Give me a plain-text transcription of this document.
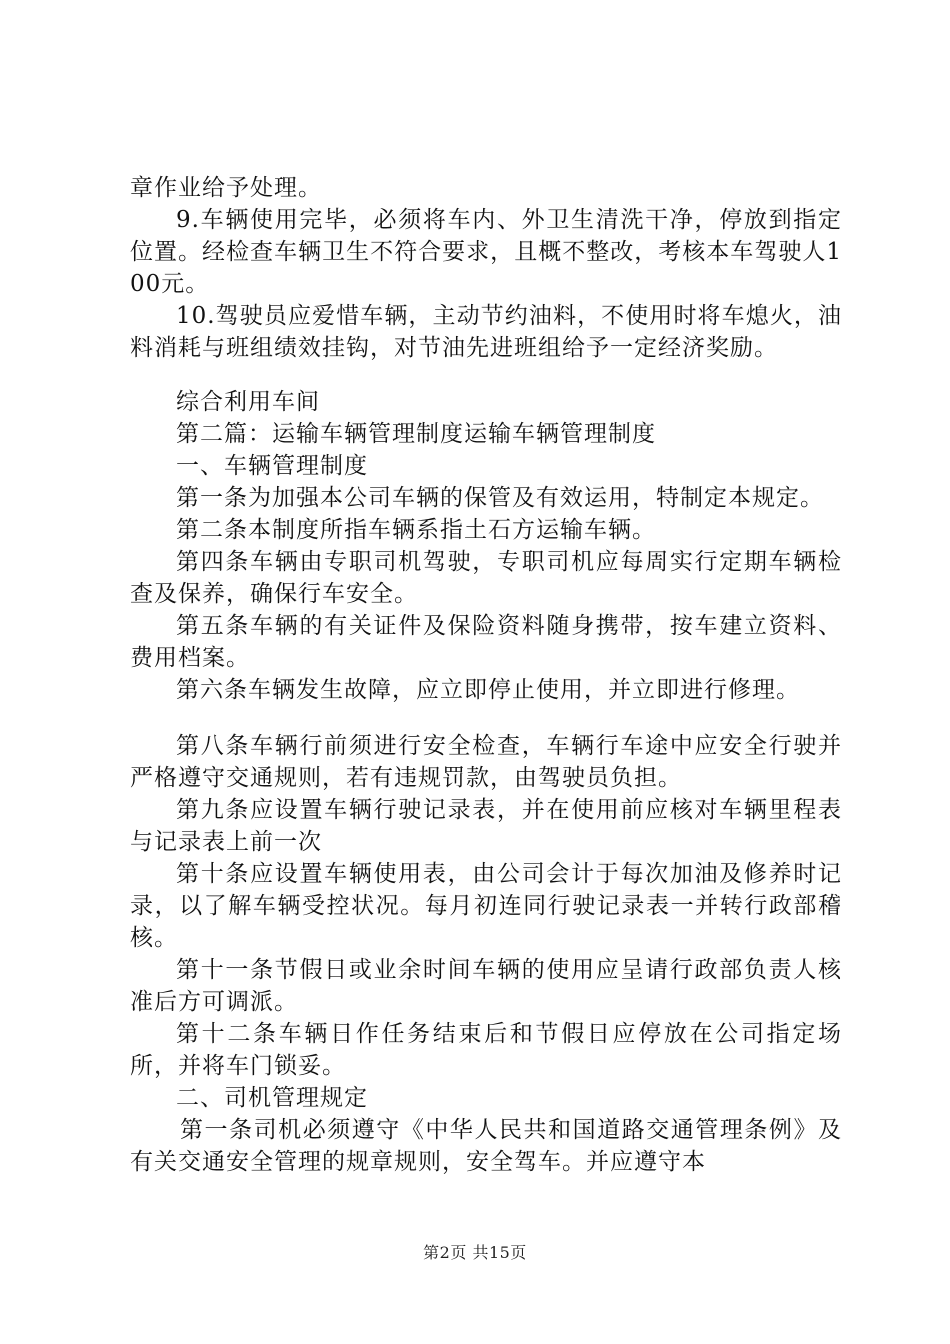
章作业给予处理。

9.车辆使用完毕，必须将车内、外卫生清洗干净，停放到指定位置。经检查车辆卫生不符合要求，且概不整改，考核本车驾驶人100元。

10.驾驶员应爱惜车辆，主动节约油料，不使用时将车熄火，油料消耗与班组绩效挂钩，对节油先进班组给予一定经济奖励。

综合利用车间

第二篇：运输车辆管理制度运输车辆管理制度

一、车辆管理制度

第一条为加强本公司车辆的保管及有效运用，特制定本规定。

第二条本制度所指车辆系指土石方运输车辆。

第四条车辆由专职司机驾驶，专职司机应每周实行定期车辆检查及保养，确保行车安全。

第五条车辆的有关证件及保险资料随身携带，按车建立资料、费用档案。

第六条车辆发生故障，应立即停止使用，并立即进行修理。

第八条车辆行前须进行安全检查，车辆行车途中应安全行驶并严格遵守交通规则，若有违规罚款，由驾驶员负担。

第九条应设置车辆行驶记录表，并在使用前应核对车辆里程表与记录表上前一次

第十条应设置车辆使用表，由公司会计于每次加油及修养时记录，以了解车辆受控状况。每月初连同行驶记录表一并转行政部稽核。

第十一条节假日或业余时间车辆的使用应呈请行政部负责人核准后方可调派。

第十二条车辆日作任务结束后和节假日应停放在公司指定场所，并将车门锁妥。

二、司机管理规定

第一条司机必须遵守《中华人民共和国道路交通管理条例》及有关交通安全管理的规章规则，安全驾车。并应遵守本

第2页 共15页
